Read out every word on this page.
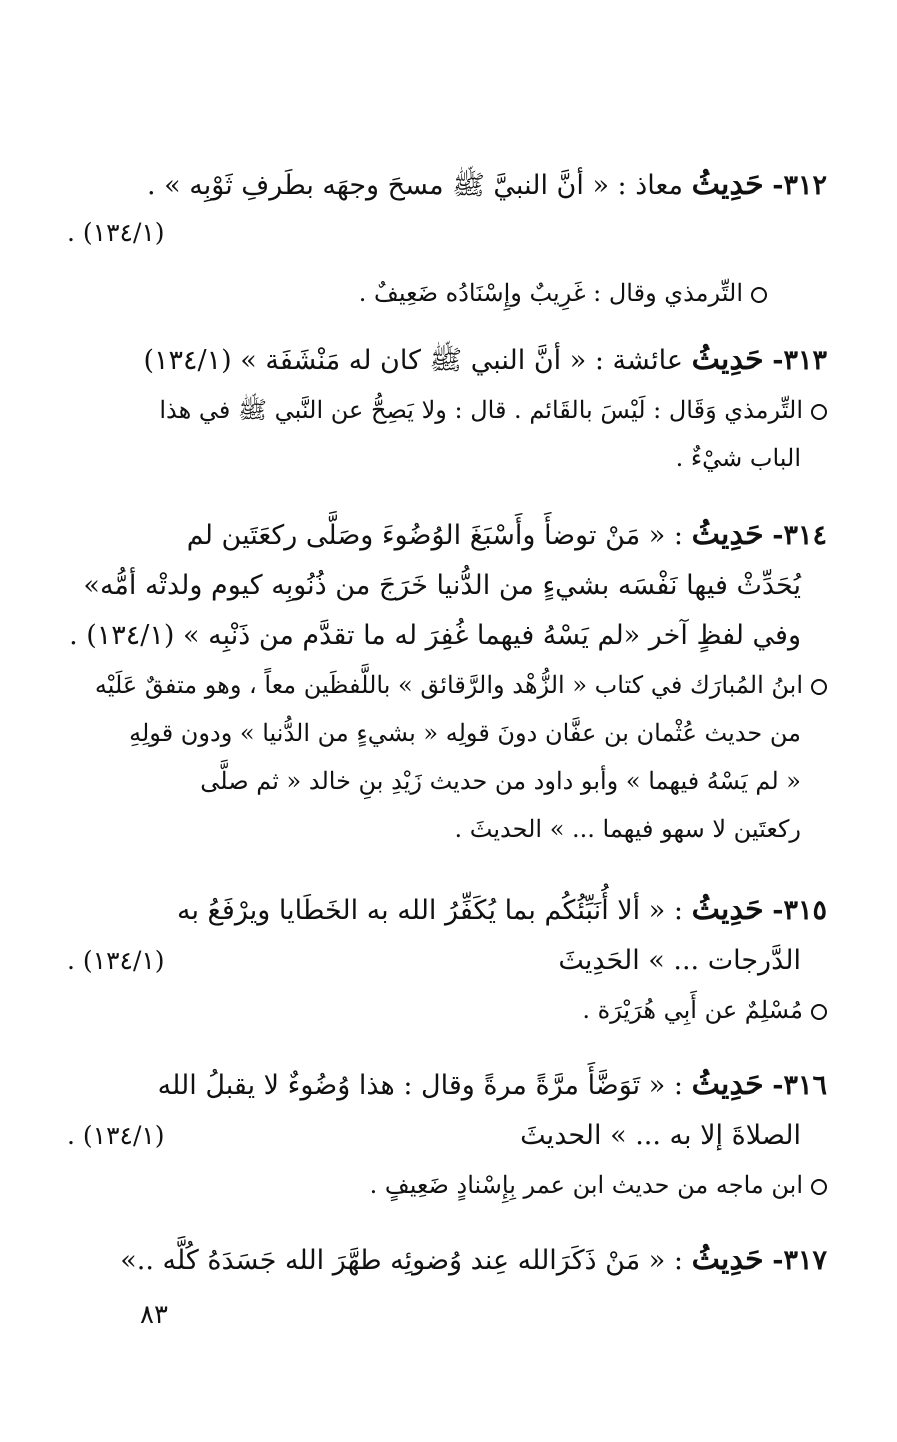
٣١٢- حَدِيثُ معاذ : « أنَّ النبيَّ ﷺ مسحَ وجهَه بطَرفِ ثَوْبِه » .
(١٣٤/١) .
التِّرمذي وقال : غَرِيبٌ وإِسْنَادُه ضَعِيفٌ .
٣١٣- حَدِيثُ عائشة : « أنَّ النبي ﷺ كان له مَنْشَفَة » (١٣٤/١)
التِّرمذي وَقَال : لَيْسَ بالقَائم . قال : ولا يَصِحُّ عن النَّبي ﷺ في هذا
الباب شيْءٌ .
٣١٤- حَدِيثُ : « مَنْ توضأَ وأَسْبَغَ الوُضُوءَ وصَلَّى ركعَتَين لم
يُحَدِّثْ فيها نَفْسَه بشيءٍ من الدُّنيا خَرَجَ من ذُنُوبِه كيوم ولدتْه أمُّه»
وفي لفظٍ آخر «لم يَسْهُ فيهما غُفِرَ له ما تقدَّم من ذَنْبِه » (١٣٤/١) .
ابنُ المُبارَك في كتاب « الزُّهْد والرَّقائق » باللَّفظَين معاً ، وهو متفقٌ عَلَيْه
من حديث عُثْمان بن عفَّان دونَ قولِه « بشيءٍ من الدُّنيا » ودون قولِهِ
« لم يَسْهُ فيهما » وأبو داود من حديث زَيْدِ بنِ خالد « ثم صلَّى
ركعتَين لا سهو فيهما ... » الحديثَ .
٣١٥- حَدِيثُ : « ألا أُنَبِّئُكُم بما يُكَفِّرُ الله به الخَطَايا ويرْفَعُ به
الدَّرجات ... » الحَدِيثَ
(١٣٤/١) .
مُسْلِمٌ عن أَبِي هُرَيْرَة .
٣١٦- حَدِيثُ : « تَوَضَّأَ مرَّةً مرةً وقال : هذا وُضُوءٌ لا يقبلُ الله
الصلاةَ إلا به ... » الحديثَ
(١٣٤/١) .
ابن ماجه من حديث ابن عمر بِإِسْنادٍ ضَعِيفٍ .
٣١٧- حَدِيثُ : « مَنْ ذَكَرَالله عِند وُضوئِه طهَّرَ الله جَسَدَهُ كُلَّه ..»
٨٣
